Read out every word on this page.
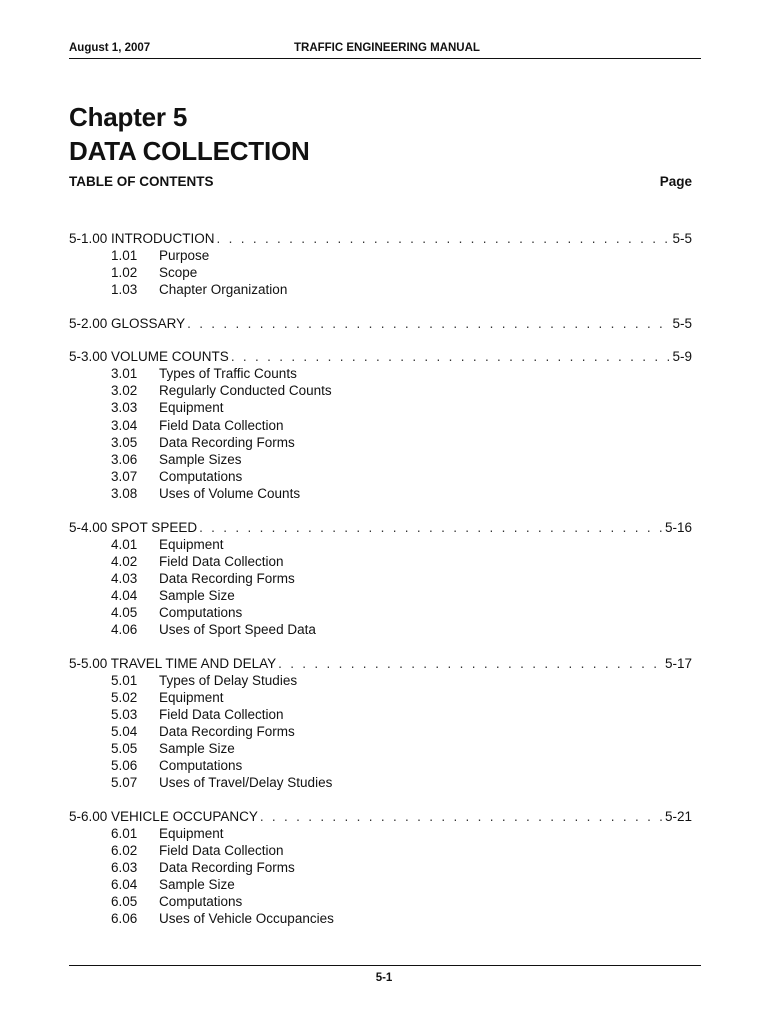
August 1, 2007	TRAFFIC ENGINEERING MANUAL
Chapter 5
DATA COLLECTION
TABLE OF CONTENTS	Page
5-1.00 INTRODUCTION . . .	5-5
1.01	Purpose
1.02	Scope
1.03	Chapter Organization
5-2.00 GLOSSARY . . .	5-5
5-3.00 VOLUME COUNTS . . .	5-9
3.01	Types of Traffic Counts
3.02	Regularly Conducted Counts
3.03	Equipment
3.04	Field Data Collection
3.05	Data Recording Forms
3.06	Sample Sizes
3.07	Computations
3.08	Uses of Volume Counts
5-4.00 SPOT SPEED . . .	5-16
4.01	Equipment
4.02	Field Data Collection
4.03	Data Recording Forms
4.04	Sample Size
4.05	Computations
4.06	Uses of Sport Speed Data
5-5.00 TRAVEL TIME AND DELAY . . .	5-17
5.01	Types of Delay Studies
5.02	Equipment
5.03	Field Data Collection
5.04	Data Recording Forms
5.05	Sample Size
5.06	Computations
5.07	Uses of Travel/Delay Studies
5-6.00 VEHICLE OCCUPANCY . . .	5-21
6.01	Equipment
6.02	Field Data Collection
6.03	Data Recording Forms
6.04	Sample Size
6.05	Computations
6.06	Uses of Vehicle Occupancies
5-1
